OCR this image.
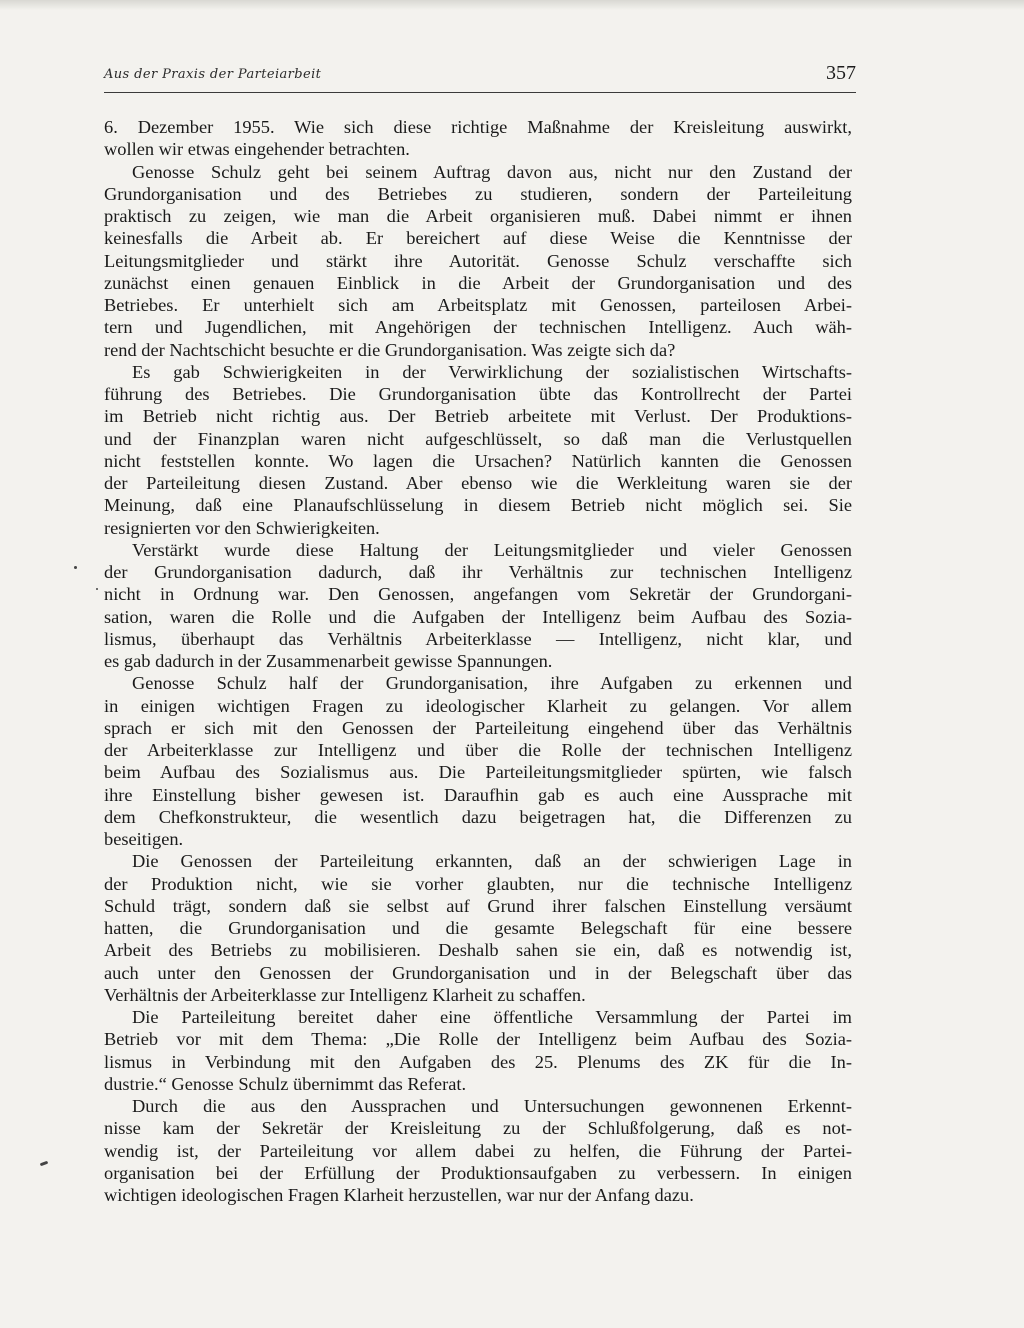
Aus der Praxis der Parteiarbeit	357

6. Dezember 1955. Wie sich diese richtige Maßnahme der Kreisleitung auswirkt,
wollen wir etwas eingehender betrachten.

Genosse Schulz geht bei seinem Auftrag davon aus, nicht nur den Zustand der
Grundorganisation und des Betriebes zu studieren, sondern der Parteileitung
praktisch zu zeigen, wie man die Arbeit organisieren muß. Dabei nimmt er ihnen
keinesfalls die Arbeit ab. Er bereichert auf diese Weise die Kenntnisse der
Leitungsmitglieder und stärkt ihre Autorität. Genosse Schulz verschaffte sich
zunächst einen genauen Einblick in die Arbeit der Grundorganisation und des
Betriebes. Er unterhielt sich am Arbeitsplatz mit Genossen, parteilosen Arbei-
tern und Jugendlichen, mit Angehörigen der technischen Intelligenz. Auch wäh-
rend der Nachtschicht besuchte er die Grundorganisation. Was zeigte sich da?

Es gab Schwierigkeiten in der Verwirklichung der sozialistischen Wirtschafts-
führung des Betriebes. Die Grundorganisation übte das Kontrollrecht der Partei
im Betrieb nicht richtig aus. Der Betrieb arbeitete mit Verlust. Der Produktions-
und der Finanzplan waren nicht aufgeschlüsselt, so daß man die Verlustquellen
nicht feststellen konnte. Wo lagen die Ursachen? Natürlich kannten die Genossen
der Parteileitung diesen Zustand. Aber ebenso wie die Werkleitung waren sie der
Meinung, daß eine Planaufschlüsselung in diesem Betrieb nicht möglich sei. Sie
resignierten vor den Schwierigkeiten.

Verstärkt wurde diese Haltung der Leitungsmitglieder und vieler Genossen
der Grundorganisation dadurch, daß ihr Verhältnis zur technischen Intelligenz
nicht in Ordnung war. Den Genossen, angefangen vom Sekretär der Grundorgani-
sation, waren die Rolle und die Aufgaben der Intelligenz beim Aufbau des Sozia-
lismus, überhaupt das Verhältnis Arbeiterklasse — Intelligenz, nicht klar, und
es gab dadurch in der Zusammenarbeit gewisse Spannungen.

Genosse Schulz half der Grundorganisation, ihre Aufgaben zu erkennen und
in einigen wichtigen Fragen zu ideologischer Klarheit zu gelangen. Vor allem
sprach er sich mit den Genossen der Parteileitung eingehend über das Verhältnis
der Arbeiterklasse zur Intelligenz und über die Rolle der technischen Intelligenz
beim Aufbau des Sozialismus aus. Die Parteileitungsmitglieder spürten, wie falsch
ihre Einstellung bisher gewesen ist. Daraufhin gab es auch eine Aussprache mit
dem Chefkonstrukteur, die wesentlich dazu beigetragen hat, die Differenzen zu
beseitigen.

Die Genossen der Parteileitung erkannten, daß an der schwierigen Lage in
der Produktion nicht, wie sie vorher glaubten, nur die technische Intelligenz
Schuld trägt, sondern daß sie selbst auf Grund ihrer falschen Einstellung versäumt
hatten, die Grundorganisation und die gesamte Belegschaft für eine bessere
Arbeit des Betriebs zu mobilisieren. Deshalb sahen sie ein, daß es notwendig ist,
auch unter den Genossen der Grundorganisation und in der Belegschaft über das
Verhältnis der Arbeiterklasse zur Intelligenz Klarheit zu schaffen.

Die Parteileitung bereitet daher eine öffentliche Versammlung der Partei im
Betrieb vor mit dem Thema: „Die Rolle der Intelligenz beim Aufbau des Sozia-
lismus in Verbindung mit den Aufgaben des 25. Plenums des ZK für die In-
dustrie.“ Genosse Schulz übernimmt das Referat.

Durch die aus den Aussprachen und Untersuchungen gewonnenen Erkennt-
nisse kam der Sekretär der Kreisleitung zu der Schlußfolgerung, daß es not-
wendig ist, der Parteileitung vor allem dabei zu helfen, die Führung der Partei-
organisation bei der Erfüllung der Produktionsaufgaben zu verbessern. In einigen
wichtigen ideologischen Fragen Klarheit herzustellen, war nur der Anfang dazu.
